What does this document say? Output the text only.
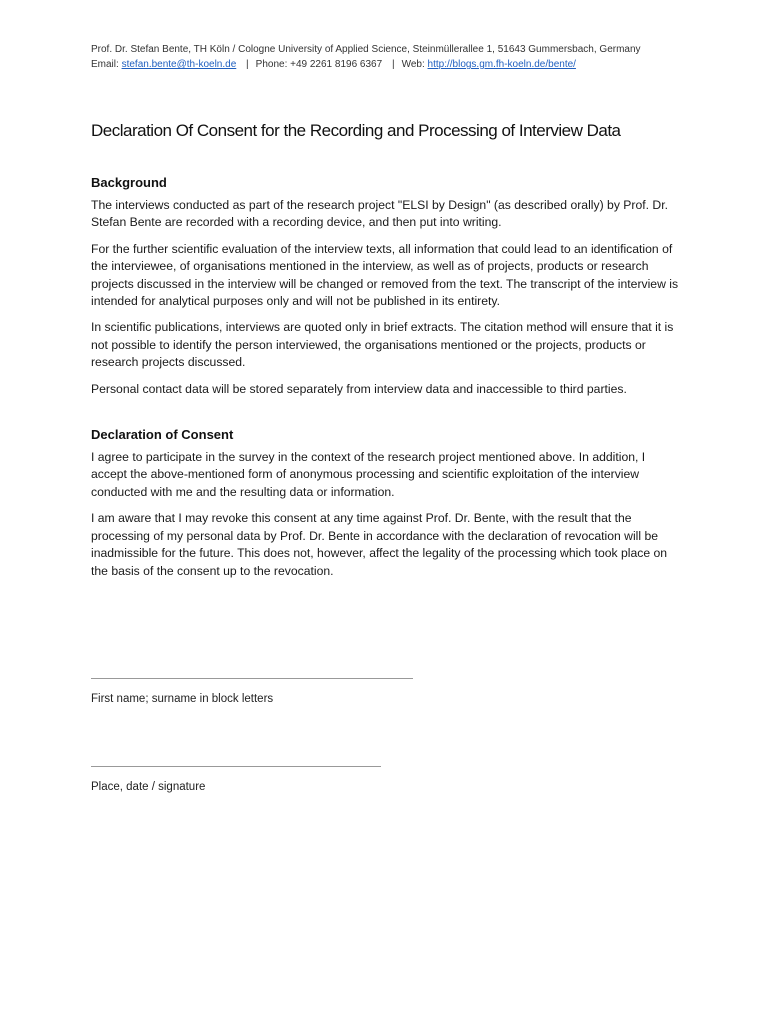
Prof. Dr. Stefan Bente, TH Köln / Cologne University of Applied Science, Steinmüllerallee 1, 51643 Gummersbach, Germany
Email: stefan.bente@th-koeln.de | Phone: +49 2261 8196 6367 | Web: http://blogs.gm.fh-koeln.de/bente/
Declaration Of Consent for the Recording and Processing of Interview Data
Background

The interviews conducted as part of the research project "ELSI by Design" (as described orally) by Prof. Dr. Stefan Bente are recorded with a recording device, and then put into writing.

For the further scientific evaluation of the interview texts, all information that could lead to an identification of the interviewee, of organisations mentioned in the interview, as well as of projects, products or research projects discussed in the interview will be changed or removed from the text. The transcript of the interview is intended for analytical purposes only and will not be published in its entirety.

In scientific publications, interviews are quoted only in brief extracts. The citation method will ensure that it is not possible to identify the person interviewed, the organisations mentioned or the projects, products or research projects discussed.

Personal contact data will be stored separately from interview data and inaccessible to third parties.

Declaration of Consent

I agree to participate in the survey in the context of the research project mentioned above. In addition, I accept the above-mentioned form of anonymous processing and scientific exploitation of the interview conducted with me and the resulting data or information.

I am aware that I may revoke this consent at any time against Prof. Dr. Bente, with the result that the processing of my personal data by Prof. Dr. Bente in accordance with the declaration of revocation will be inadmissible for the future. This does not, however, affect the legality of the processing which took place on the basis of the consent up to the revocation.

First name; surname in block letters
Place, date / signature
